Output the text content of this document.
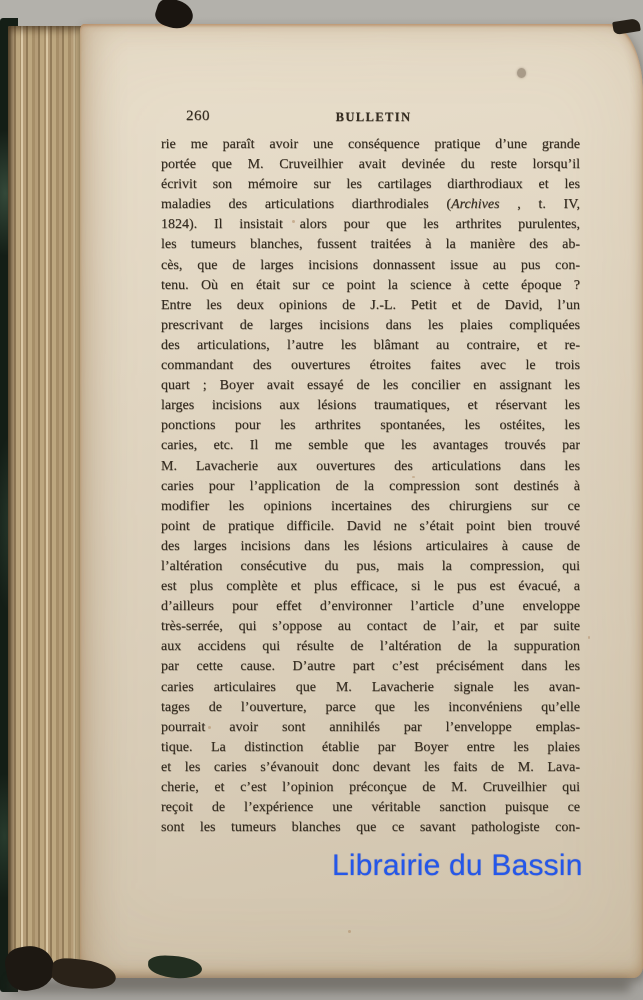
260	BULLETIN
rie me paraît avoir une conséquence pratique d’une grande
portée que M. Cruveilhier avait devinée du reste lorsqu’il
écrivit son mémoire sur les cartilages diarthrodiaux et les
maladies des articulations diarthrodiales (Archives , t. IV,
1824). Il insistait alors pour que les arthrites purulentes,
les tumeurs blanches, fussent traitées à la manière des ab-
cès, que de larges incisions donnassent issue au pus con-
tenu. Où en était sur ce point la science à cette époque ?
Entre les deux opinions de J.-L. Petit et de David, l’un
prescrivant de larges incisions dans les plaies compliquées
des articulations, l’autre les blâmant au contraire, et re-
commandant des ouvertures étroites faites avec le trois
quart ; Boyer avait essayé de les concilier en assignant les
larges incisions aux lésions traumatiques, et réservant les
ponctions pour les arthrites spontanées, les ostéites, les
caries, etc. Il me semble que les avantages trouvés par
M. Lavacherie aux ouvertures des articulations dans les
caries pour l’application de la compression sont destinés à
modifier les opinions incertaines des chirurgiens sur ce
point de pratique difficile. David ne s’était point bien trouvé
des larges incisions dans les lésions articulaires à cause de
l’altération consécutive du pus, mais la compression, qui
est plus complète et plus efficace, si le pus est évacué, a
d’ailleurs pour effet d’environner l’article d’une enveloppe
très-serrée, qui s’oppose au contact de l’air, et par suite
aux accidens qui résulte de l’altération de la suppuration
par cette cause. D’autre part c’est précisément dans les
caries articulaires que M. Lavacherie signale les avan-
tages de l’ouverture, parce que les inconvéniens qu’elle
pourrait avoir sont annihilés par l’enveloppe emplas-
tique. La distinction établie par Boyer entre les plaies
et les caries s’évanouit donc devant les faits de M. Lava-
cherie, et c’est l’opinion préconçue de M. Cruveilhier qui
reçoit de l’expérience une véritable sanction puisque ce
sont les tumeurs blanches que ce savant pathologiste con-
Librairie du Bassin
